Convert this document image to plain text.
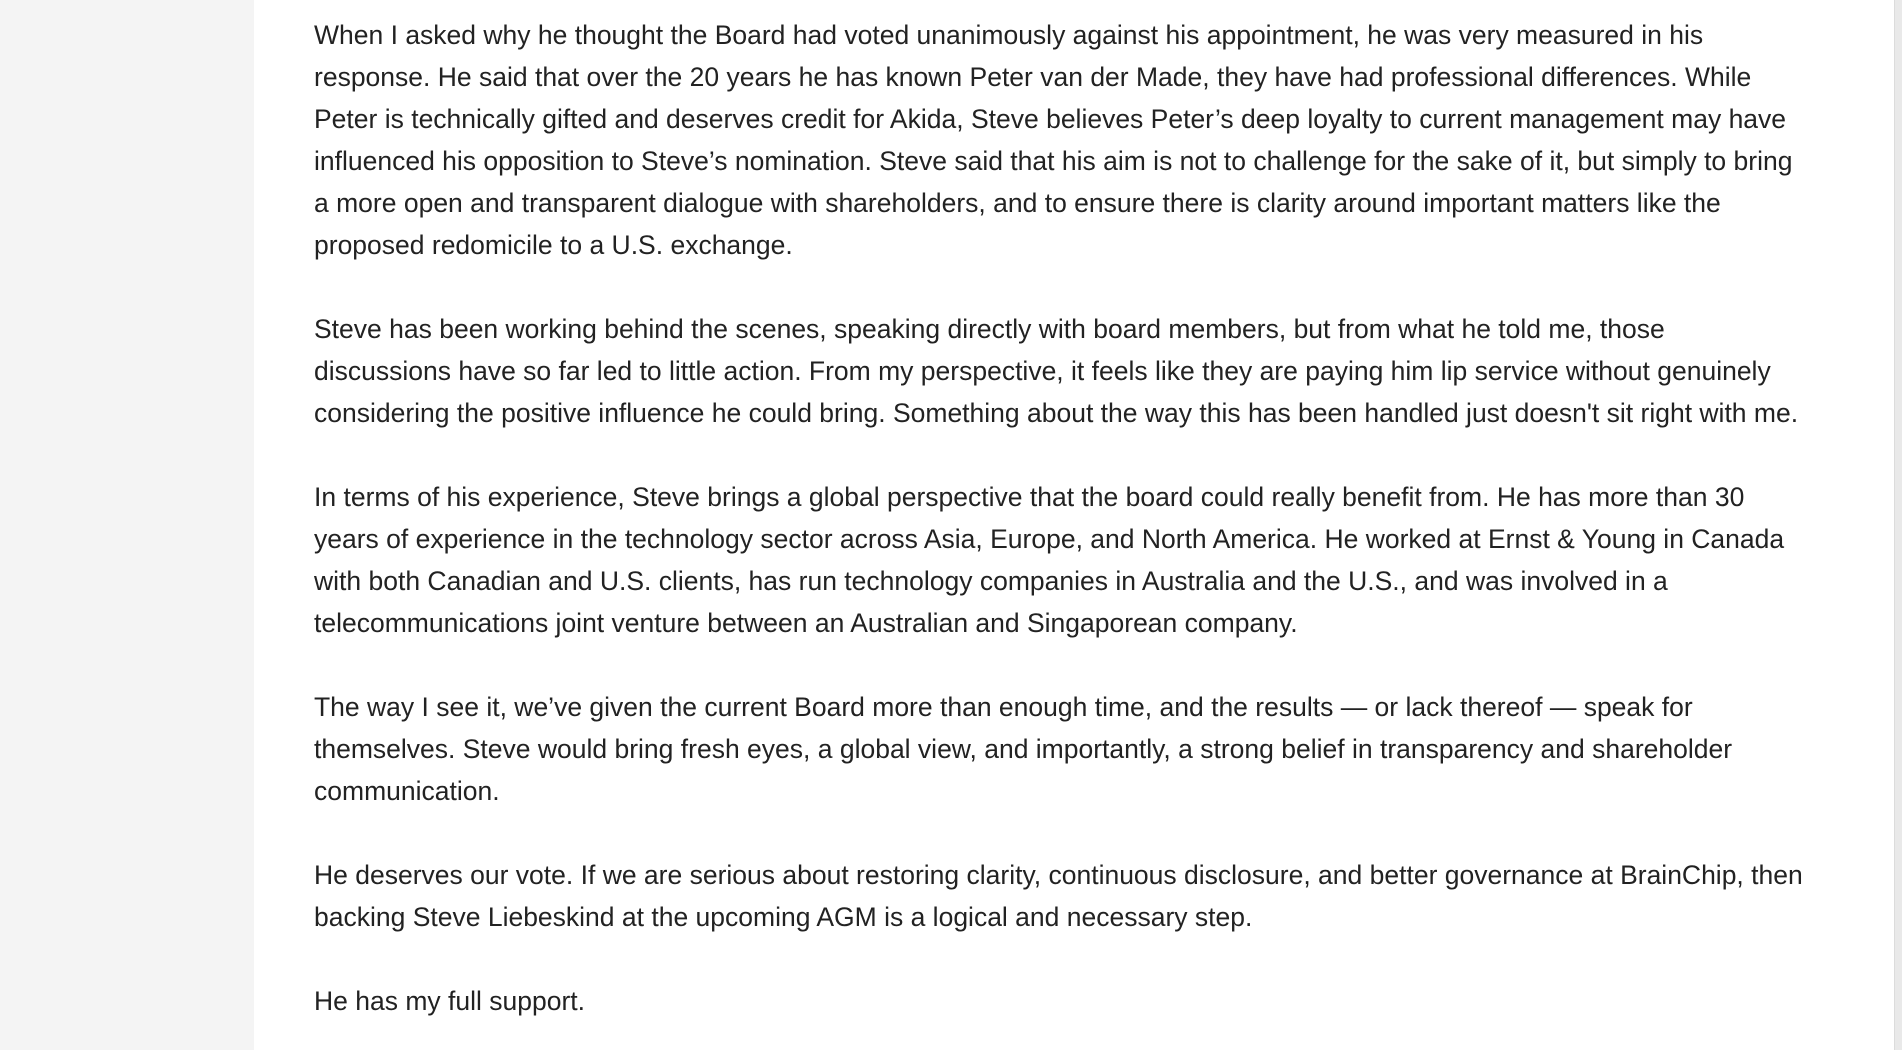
When I asked why he thought the Board had voted unanimously against his appointment, he was very measured in his response. He said that over the 20 years he has known Peter van der Made, they have had professional differences. While Peter is technically gifted and deserves credit for Akida, Steve believes Peter’s deep loyalty to current management may have influenced his opposition to Steve’s nomination. Steve said that his aim is not to challenge for the sake of it, but simply to bring a more open and transparent dialogue with shareholders, and to ensure there is clarity around important matters like the proposed redomicile to a U.S. exchange.

Steve has been working behind the scenes, speaking directly with board members, but from what he told me, those discussions have so far led to little action. From my perspective, it feels like they are paying him lip service without genuinely considering the positive influence he could bring. Something about the way this has been handled just doesn't sit right with me.

In terms of his experience, Steve brings a global perspective that the board could really benefit from. He has more than 30 years of experience in the technology sector across Asia, Europe, and North America. He worked at Ernst & Young in Canada with both Canadian and U.S. clients, has run technology companies in Australia and the U.S., and was involved in a telecommunications joint venture between an Australian and Singaporean company.

The way I see it, we’ve given the current Board more than enough time, and the results — or lack thereof — speak for themselves. Steve would bring fresh eyes, a global view, and importantly, a strong belief in transparency and shareholder communication.

He deserves our vote. If we are serious about restoring clarity, continuous disclosure, and better governance at BrainChip, then backing Steve Liebeskind at the upcoming AGM is a logical and necessary step.

He has my full support.
